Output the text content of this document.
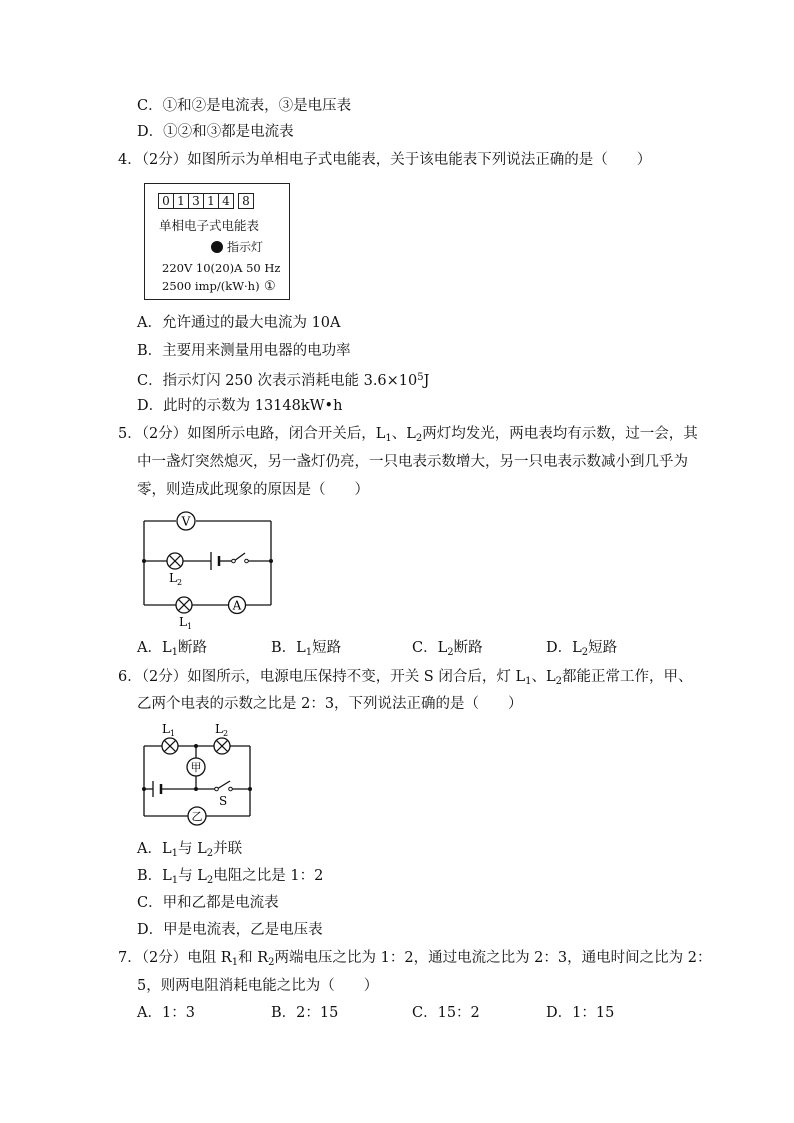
C．①和②是电流表，③是电压表
D．①②和③都是电流表
4．（2分）如图所示为单相电子式电能表，关于该电能表下列说法正确的是（　　）
0 1 3 1 4	8
单相电子式电能表
指示灯
220V 10(20)A 50 Hz
2500 imp/(kW·h) ①
A．允许通过的最大电流为 10A
B．主要用来测量用电器的电功率
C．指示灯闪 250 次表示消耗电能 $3.6\times 10^5J$
D．此时的示数为 13148kW•h
5．（2分）如图所示电路，闭合开关后，$L_1$、$L_2$两灯均发光，两电表均有示数，过一会，其
中一盏灯突然熄灭，另一盏灯仍亮，一只电表示数增大，另一只电表示数减小到几乎为
零，则造成此现象的原因是（　　）
V
$L_2$
$L_1$
A
A．$L_1$断路	B．$L_1$短路	C．$L_2$断路	D．$L_2$短路
6．（2分）如图所示，电源电压保持不变，开关 S 闭合后，灯 $L_1$、$L_2$都能正常工作，甲、
乙两个电表的示数之比是 2：3，下列说法正确的是（　　）
$L_1$	$L_2$
甲
S
乙
A．$L_1$与 $L_2$并联
B．$L_1$与 $L_2$电阻之比是 1：2
C．甲和乙都是电流表
D．甲是电流表，乙是电压表
7．（2分）电阻 $R_1$和 $R_2$两端电压之比为 1：2，通过电流之比为 2：3，通电时间之比为 2：
5，则两电阻消耗电能之比为（　　）
A．1：3	B．2：15	C．15：2	D．1：15
